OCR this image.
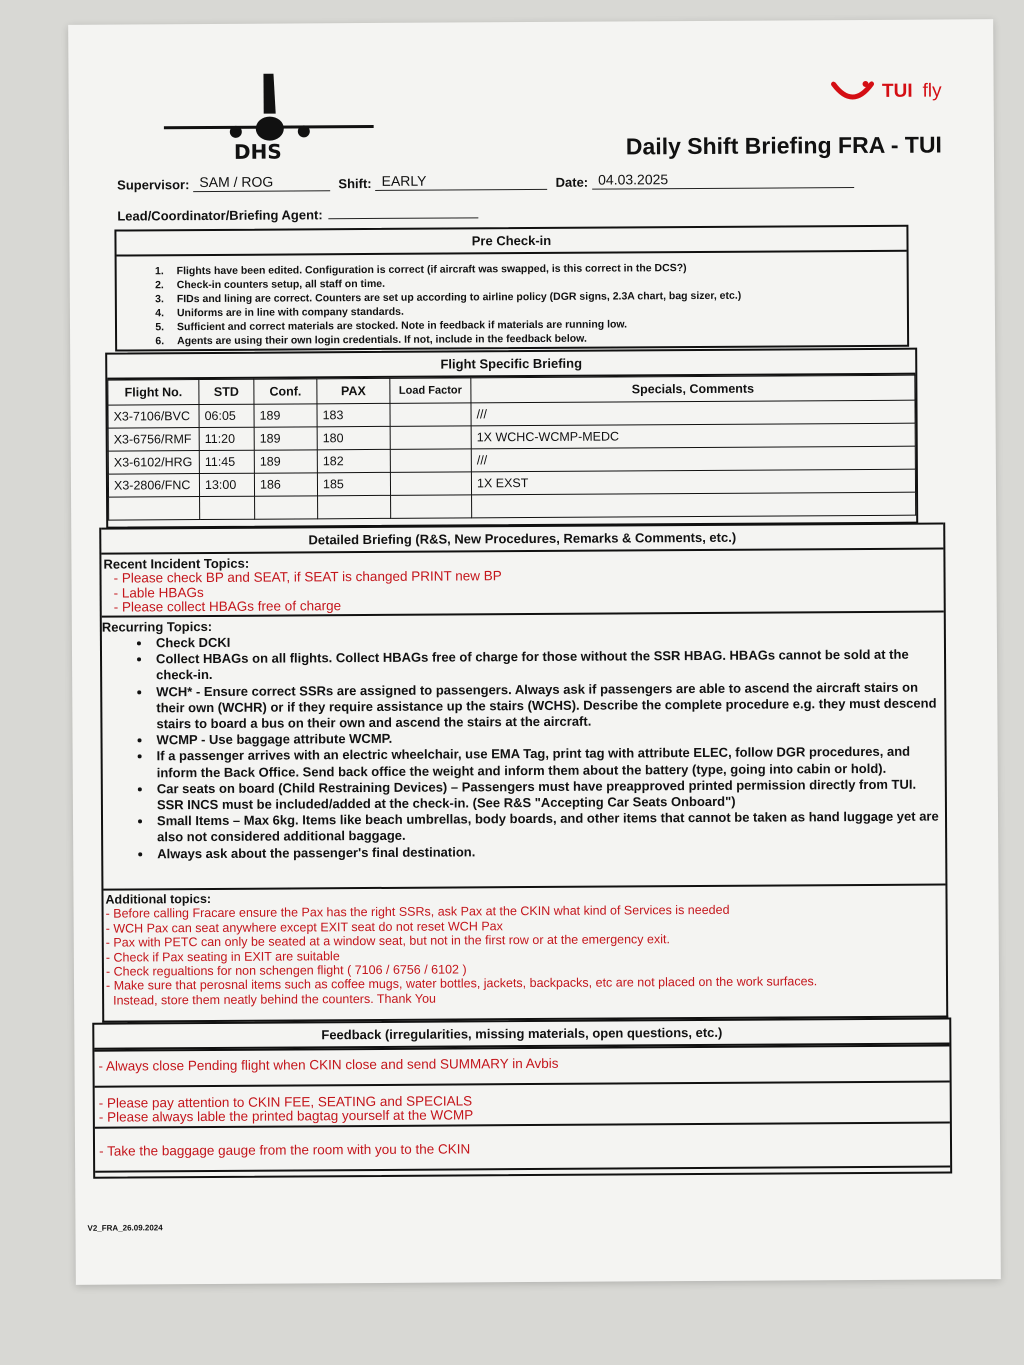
DHS
TUI fly
Daily Shift Briefing FRA - TUI
Supervisor: SAM / ROG	Shift: EARLY	Date: 04.03.2025
Lead/Coordinator/Briefing Agent:
Pre Check-in
1. Flights have been edited. Configuration is correct (if aircraft was swapped, is this correct in the DCS?)
2. Check-in counters setup, all staff on time.
3. FIDs and lining are correct. Counters are set up according to airline policy (DGR signs, 2.3A chart, bag sizer, etc.)
4. Uniforms are in line with company standards.
5. Sufficient and correct materials are stocked. Note in feedback if materials are running low.
6. Agents are using their own login credentials. If not, include in the feedback below.
Flight Specific Briefing
Flight No.	STD	Conf.	PAX	Load Factor	Specials, Comments
X3-7106/BVC	06:05	189	183		///
X3-6756/RMF	11:20	189	180		1X WCHC-WCMP-MEDC
X3-6102/HRG	11:45	189	182		///
X3-2806/FNC	13:00	186	185		1X EXST

Detailed Briefing (R&S, New Procedures, Remarks & Comments, etc.)
Recent Incident Topics:
- Please check BP and SEAT, if SEAT is changed PRINT new BP
- Lable HBAGs
- Please collect HBAGs free of charge
Recurring Topics:
• Check DCKI
• Collect HBAGs on all flights. Collect HBAGs free of charge for those without the SSR HBAG. HBAGs cannot be sold at the check-in.
• WCH* - Ensure correct SSRs are assigned to passengers. Always ask if passengers are able to ascend the aircraft stairs on their own (WCHR) or if they require assistance up the stairs (WCHS). Describe the complete procedure e.g. they must descend stairs to board a bus on their own and ascend the stairs at the aircraft.
• WCMP - Use baggage attribute WCMP.
• If a passenger arrives with an electric wheelchair, use EMA Tag, print tag with attribute ELEC, follow DGR procedures, and inform the Back Office. Send back office the weight and inform them about the battery (type, going into cabin or hold).
• Car seats on board (Child Restraining Devices) – Passengers must have preapproved printed permission directly from TUI. SSR INCS must be included/added at the check-in. (See R&S "Accepting Car Seats Onboard")
• Small Items – Max 6kg. Items like beach umbrellas, body boards, and other items that cannot be taken as hand luggage yet are also not considered additional baggage.
• Always ask about the passenger's final destination.
Additional topics:
- Before calling Fracare ensure the Pax has the right SSRs, ask Pax at the CKIN what kind of Services is needed
- WCH Pax can seat anywhere except EXIT seat do not reset WCH Pax
- Pax with PETC can only be seated at a window seat, but not in the first row or at the emergency exit.
- Check if Pax seating in EXIT are suitable
- Check regualtions for non schengen flight ( 7106 / 6756 / 6102 )
- Make sure that perosnal items such as coffee mugs, water bottles, jackets, backpacks, etc are not placed on the work surfaces.
Instead, store them neatly behind the counters. Thank You
Feedback (irregularities, missing materials, open questions, etc.)
- Always close Pending flight when CKIN close and send SUMMARY in Avbis
- Please pay attention to CKIN FEE, SEATING and SPECIALS
- Please always lable the printed bagtag yourself at the WCMP
- Take the baggage gauge from the room with you to the CKIN
V2_FRA_26.09.2024
